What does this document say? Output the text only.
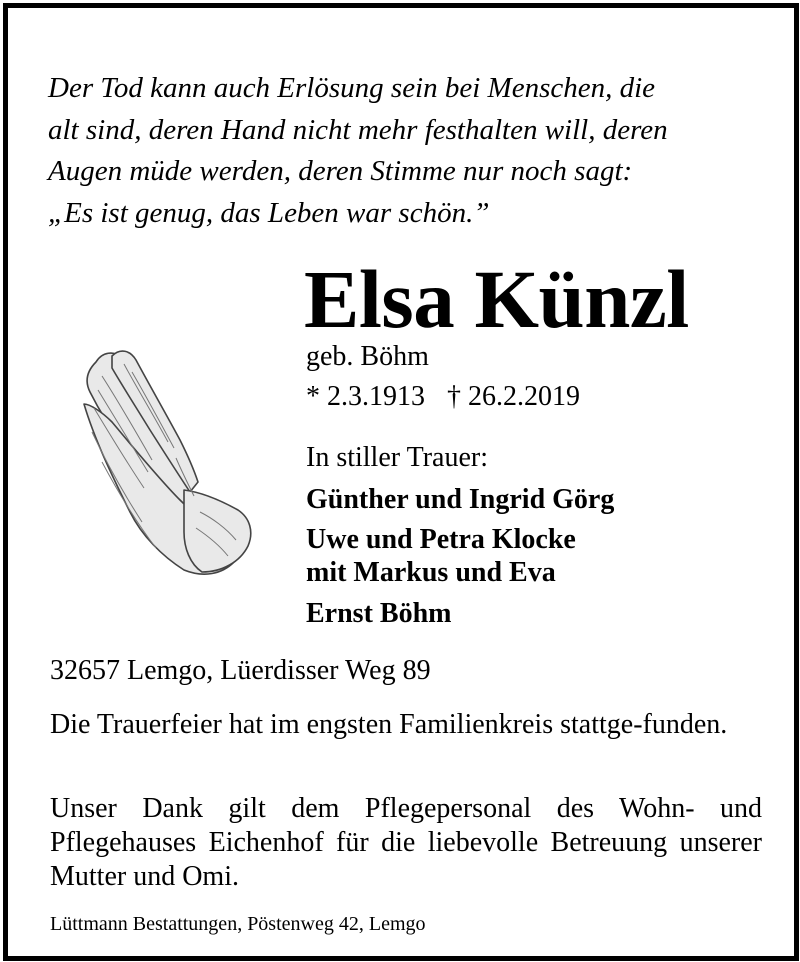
Der Tod kann auch Erlösung sein bei Menschen, die

alt sind, deren Hand nicht mehr festhalten will, deren

Augen müde werden, deren Stimme nur noch sagt:

„Es ist genug, das Leben war schön.”

Elsa Künzl
geb. Böhm
* 2.3.1913 † 26.2.2019
In stiller Trauer:
Günther und Ingrid Görg
Uwe und Petra Klocke
mit Markus und Eva
Ernst Böhm
32657 Lemgo, Lüerdisser Weg 89
Die Trauerfeier hat im engsten Familienkreis stattge-funden.
Unser Dank gilt dem Pflegepersonal des Wohn- und Pflegehauses Eichenhof für die liebevolle Betreuung unserer Mutter und Omi.
Lüttmann Bestattungen, Pöstenweg 42, Lemgo
